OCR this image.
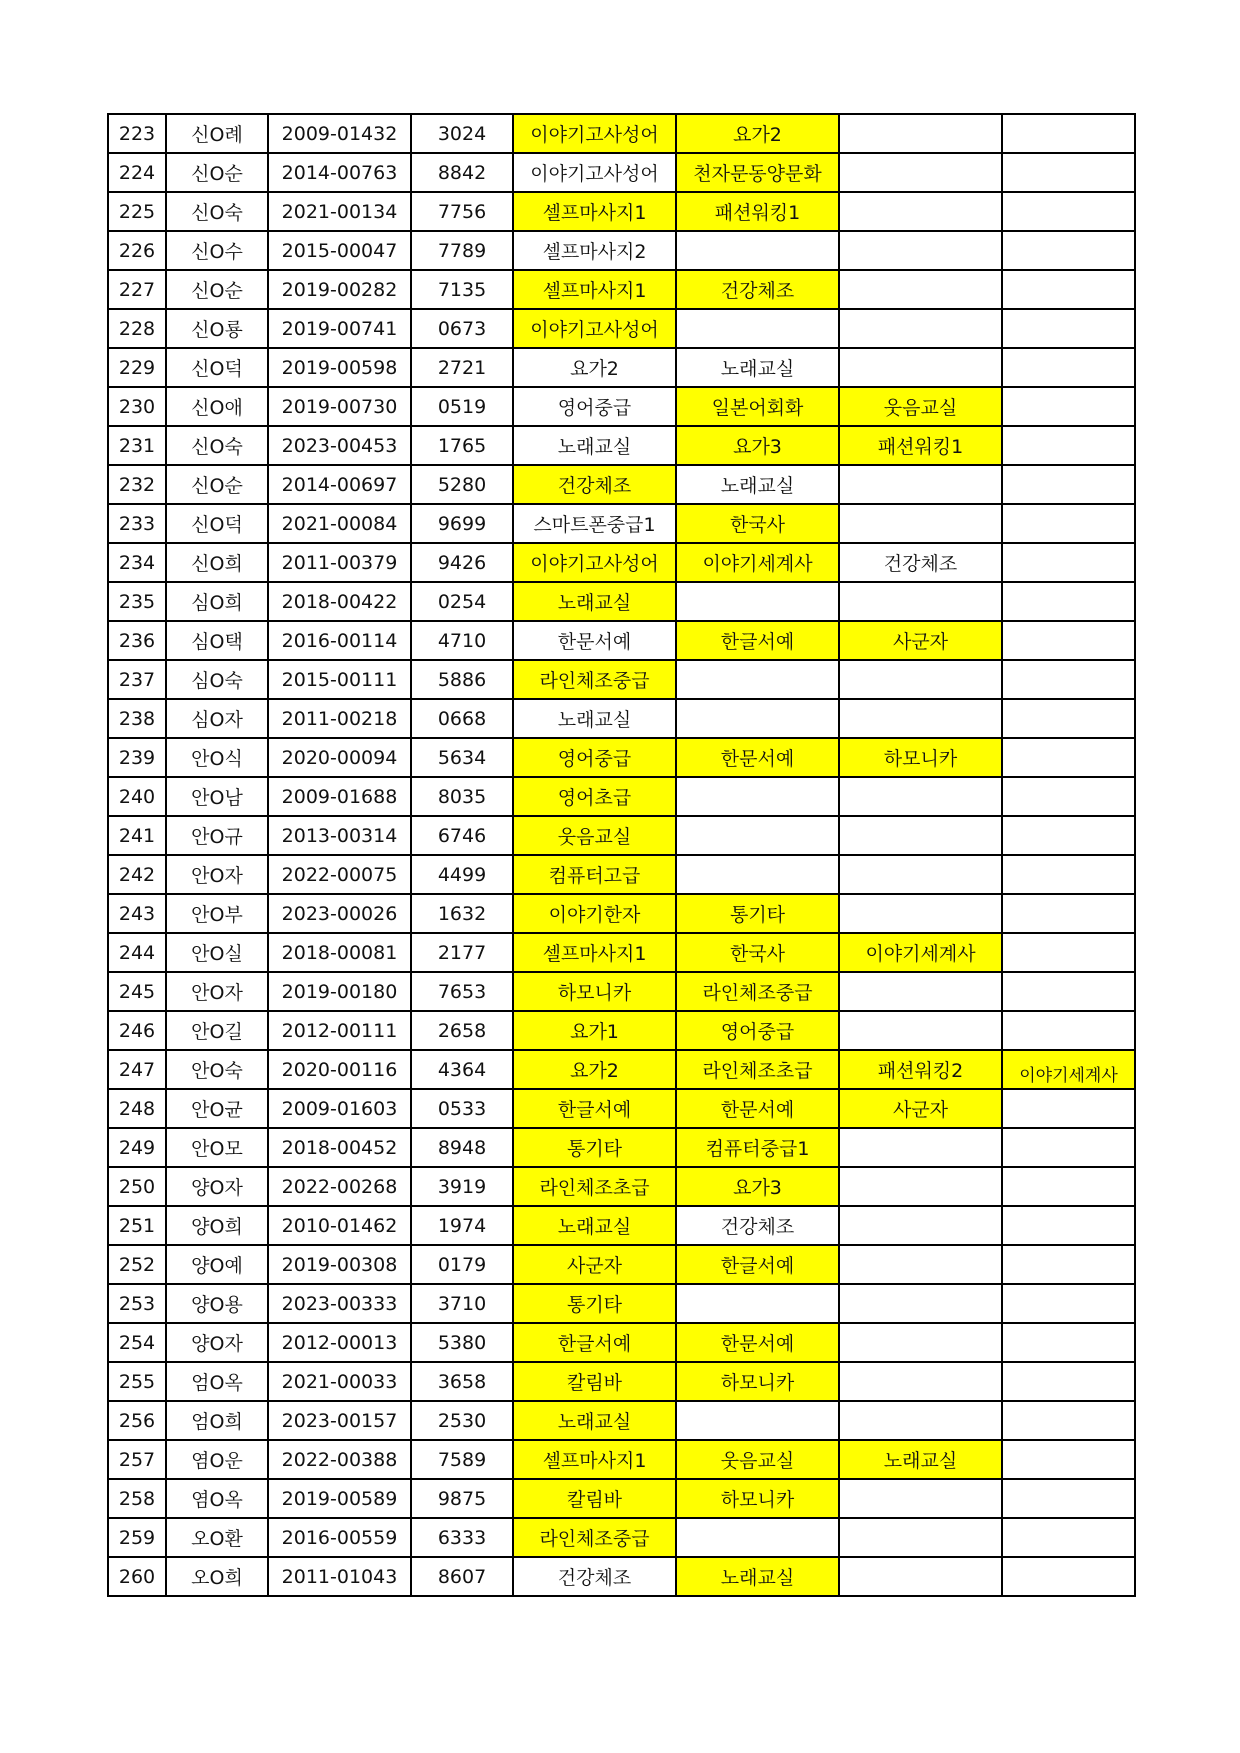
223	신O례	2009-01432	3024	이야기고사성어	요가2		
224	신O순	2014-00763	8842	이야기고사성어	천자문동양문화		
225	신O숙	2021-00134	7756	셀프마사지1	패션워킹1		
226	신O수	2015-00047	7789	셀프마사지2			
227	신O순	2019-00282	7135	셀프마사지1	건강체조		
228	신O룡	2019-00741	0673	이야기고사성어			
229	신O덕	2019-00598	2721	요가2	노래교실		
230	신O애	2019-00730	0519	영어중급	일본어회화	웃음교실	
231	신O숙	2023-00453	1765	노래교실	요가3	패션워킹1	
232	신O순	2014-00697	5280	건강체조	노래교실		
233	신O덕	2021-00084	9699	스마트폰중급1	한국사		
234	신O희	2011-00379	9426	이야기고사성어	이야기세계사	건강체조	
235	심O희	2018-00422	0254	노래교실			
236	심O택	2016-00114	4710	한문서예	한글서예	사군자	
237	심O숙	2015-00111	5886	라인체조중급			
238	심O자	2011-00218	0668	노래교실			
239	안O식	2020-00094	5634	영어중급	한문서예	하모니카	
240	안O남	2009-01688	8035	영어초급			
241	안O규	2013-00314	6746	웃음교실			
242	안O자	2022-00075	4499	컴퓨터고급			
243	안O부	2023-00026	1632	이야기한자	통기타		
244	안O실	2018-00081	2177	셀프마사지1	한국사	이야기세계사	
245	안O자	2019-00180	7653	하모니카	라인체조중급		
246	안O길	2012-00111	2658	요가1	영어중급		
247	안O숙	2020-00116	4364	요가2	라인체조초급	패션워킹2	이야기세계사
248	안O균	2009-01603	0533	한글서예	한문서예	사군자	
249	안O모	2018-00452	8948	통기타	컴퓨터중급1		
250	양O자	2022-00268	3919	라인체조초급	요가3		
251	양O희	2010-01462	1974	노래교실	건강체조		
252	양O예	2019-00308	0179	사군자	한글서예		
253	양O용	2023-00333	3710	통기타			
254	양O자	2012-00013	5380	한글서예	한문서예		
255	엄O옥	2021-00033	3658	칼림바	하모니카		
256	엄O희	2023-00157	2530	노래교실			
257	염O운	2022-00388	7589	셀프마사지1	웃음교실	노래교실	
258	염O옥	2019-00589	9875	칼림바	하모니카		
259	오O환	2016-00559	6333	라인체조중급			
260	오O희	2011-01043	8607	건강체조	노래교실		
